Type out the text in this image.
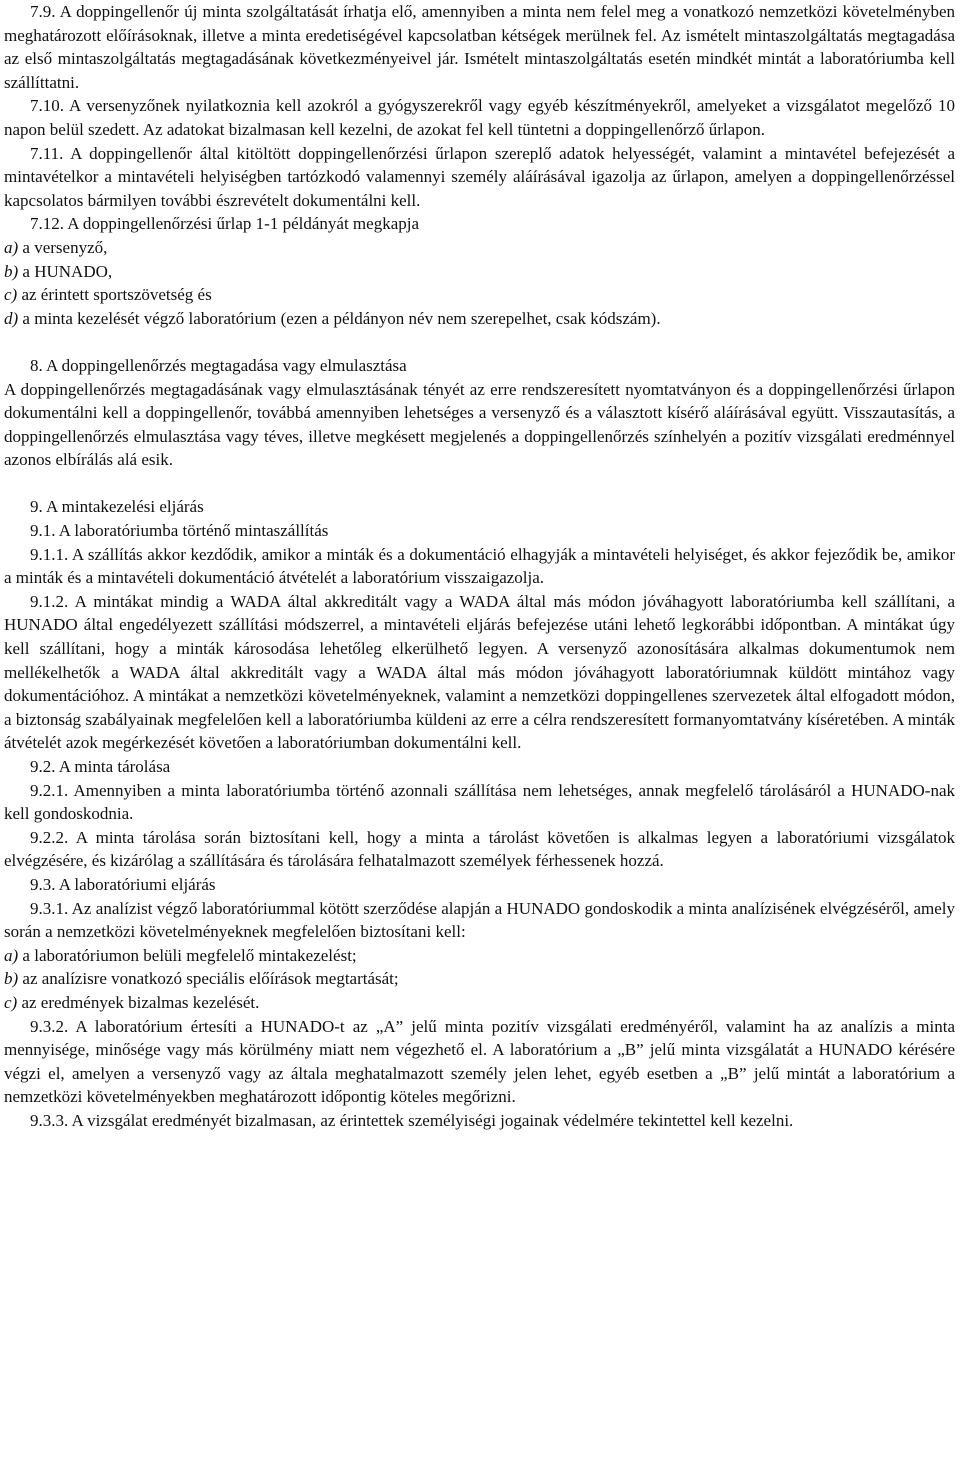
7.9. A doppingellenőr új minta szolgáltatását írhatja elő, amennyiben a minta nem felel meg a vonatkozó nemzetközi követelményben meghatározott előírásoknak, illetve a minta eredetiségével kapcsolatban kétségek merülnek fel. Az ismételt mintaszolgáltatás megtagadása az első mintaszolgáltatás megtagadásának következményeivel jár. Ismételt mintaszolgáltatás esetén mindkét mintát a laboratóriumba kell szállíttatni.

7.10. A versenyzőnek nyilatkoznia kell azokról a gyógyszerekről vagy egyéb készítményekről, amelyeket a vizsgálatot megelőző 10 napon belül szedett. Az adatokat bizalmasan kell kezelni, de azokat fel kell tüntetni a doppingellenőrző űrlapon.

7.11. A doppingellenőr által kitöltött doppingellenőrzési űrlapon szereplő adatok helyességét, valamint a mintavétel befejezését a mintavételkor a mintavételi helyiségben tartózkodó valamennyi személy aláírásával igazolja az űrlapon, amelyen a doppingellenőrzéssel kapcsolatos bármilyen további észrevételt dokumentálni kell.

7.12. A doppingellenőrzési űrlap 1-1 példányát megkapja

a) a versenyző,

b) a HUNADO,

c) az érintett sportszövetség és

d) a minta kezelését végző laboratórium (ezen a példányon név nem szerepelhet, csak kódszám).

8. A doppingellenőrzés megtagadása vagy elmulasztása

A doppingellenőrzés megtagadásának vagy elmulasztásának tényét az erre rendszeresített nyomtatványon és a doppingellenőrzési űrlapon dokumentálni kell a doppingellenőr, továbbá amennyiben lehetséges a versenyző és a választott kísérő aláírásával együtt. Visszautasítás, a doppingellenőrzés elmulasztása vagy téves, illetve megkésett megjelenés a doppingellenőrzés színhelyén a pozitív vizsgálati eredménnyel azonos elbírálás alá esik.

9. A mintakezelési eljárás

9.1. A laboratóriumba történő mintaszállítás

9.1.1. A szállítás akkor kezdődik, amikor a minták és a dokumentáció elhagyják a mintavételi helyiséget, és akkor fejeződik be, amikor a minták és a mintavételi dokumentáció átvételét a laboratórium visszaigazolja.

9.1.2. A mintákat mindig a WADA által akkreditált vagy a WADA által más módon jóváhagyott laboratóriumba kell szállítani, a HUNADO által engedélyezett szállítási módszerrel, a mintavételi eljárás befejezése utáni lehető legkorábbi időpontban. A mintákat úgy kell szállítani, hogy a minták károsodása lehetőleg elkerülhető legyen. A versenyző azonosítására alkalmas dokumentumok nem mellékelhetők a WADA által akkreditált vagy a WADA által más módon jóváhagyott laboratóriumnak küldött mintához vagy dokumentációhoz. A mintákat a nemzetközi követelményeknek, valamint a nemzetközi doppingellenes szervezetek által elfogadott módon, a biztonság szabályainak megfelelően kell a laboratóriumba küldeni az erre a célra rendszeresített formanyomtatvány kíséretében. A minták átvételét azok megérkezését követően a laboratóriumban dokumentálni kell.

9.2. A minta tárolása

9.2.1. Amennyiben a minta laboratóriumba történő azonnali szállítása nem lehetséges, annak megfelelő tárolásáról a HUNADO-nak kell gondoskodnia.

9.2.2. A minta tárolása során biztosítani kell, hogy a minta a tárolást követően is alkalmas legyen a laboratóriumi vizsgálatok elvégzésére, és kizárólag a szállítására és tárolására felhatalmazott személyek férhessenek hozzá.

9.3. A laboratóriumi eljárás

9.3.1. Az analízist végző laboratóriummal kötött szerződése alapján a HUNADO gondoskodik a minta analízisének elvégzéséről, amely során a nemzetközi követelményeknek megfelelően biztosítani kell:

a) a laboratóriumon belüli megfelelő mintakezelést;

b) az analízisre vonatkozó speciális előírások megtartását;

c) az eredmények bizalmas kezelését.

9.3.2. A laboratórium értesíti a HUNADO-t az „A” jelű minta pozitív vizsgálati eredményéről, valamint ha az analízis a minta mennyisége, minősége vagy más körülmény miatt nem végezhető el. A laboratórium a „B” jelű minta vizsgálatát a HUNADO kérésére végzi el, amelyen a versenyző vagy az általa meghatalmazott személy jelen lehet, egyéb esetben a „B” jelű mintát a laboratórium a nemzetközi követelményekben meghatározott időpontig köteles megőrizni.

9.3.3. A vizsgálat eredményét bizalmasan, az érintettek személyiségi jogainak védelmére tekintettel kell kezelni.
